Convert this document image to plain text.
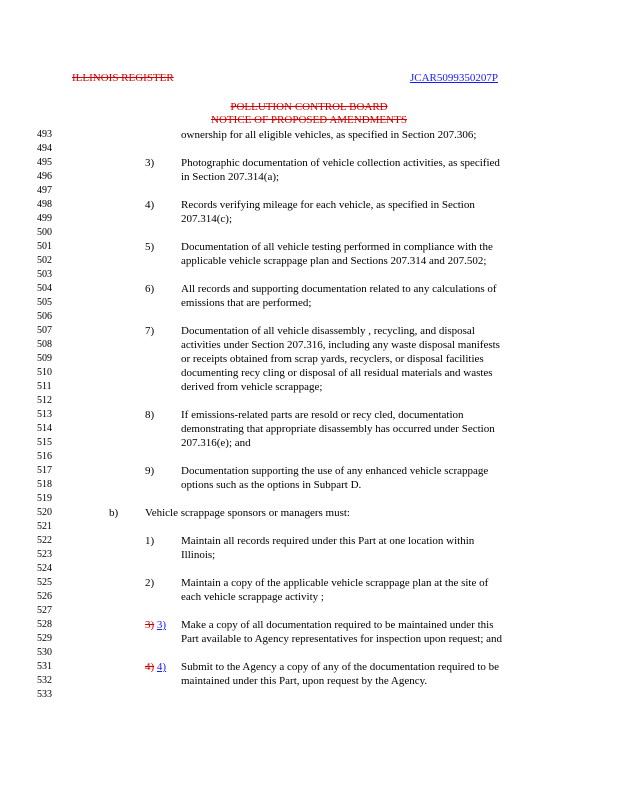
ILLINOIS REGISTER	JCAR5099350207P
POLLUTION CONTROL BOARD
NOTICE OF PROPOSED AMENDMENTS
493
494
495
496
497
498
499
500
501
502
503
504
505
506
507
508
509
510
511
512
513
514
515
516
517
518
519
520
521
522
523
524
525
526
527
528
529
530
531
532
533
ownership for all eligible vehicles, as specified in Section 207.306;
3) Photographic documentation of vehicle collection activities, as specified
in Section 207.314(a);
4) Records verifying mileage for each vehicle, as specified in Section
207.314(c);
5) Documentation of all vehicle testing performed in compliance with the
applicable vehicle scrappage plan and Sections 207.314 and 207.502;
6) All records and supporting documentation related to any calculations of
emissions that are performed;
7) Documentation of all vehicle disassembly , recycling, and disposal
activities under Section 207.316, including any waste disposal manifests
or receipts obtained from scrap yards, recyclers, or disposal facilities
documenting recy cling or disposal of all residual materials and wastes
derived from vehicle scrappage;
8) If emissions-related parts are resold or recy cled, documentation
demonstrating that appropriate disassembly has occurred under Section
207.316(e); and
9) Documentation supporting the use of any enhanced vehicle scrappage
options such as the options in Subpart D.
b) Vehicle scrappage sponsors or managers must:
1) Maintain all records required under this Part at one location within
Illinois;
2) Maintain a copy of the applicable vehicle scrappage plan at the site of
each vehicle scrappage activity ;
3) 3) Make a copy of all documentation required to be maintained under this
Part available to Agency representatives for inspection upon request; and
4) 4) Submit to the Agency a copy of any of the documentation required to be
maintained under this Part, upon request by the Agency.
